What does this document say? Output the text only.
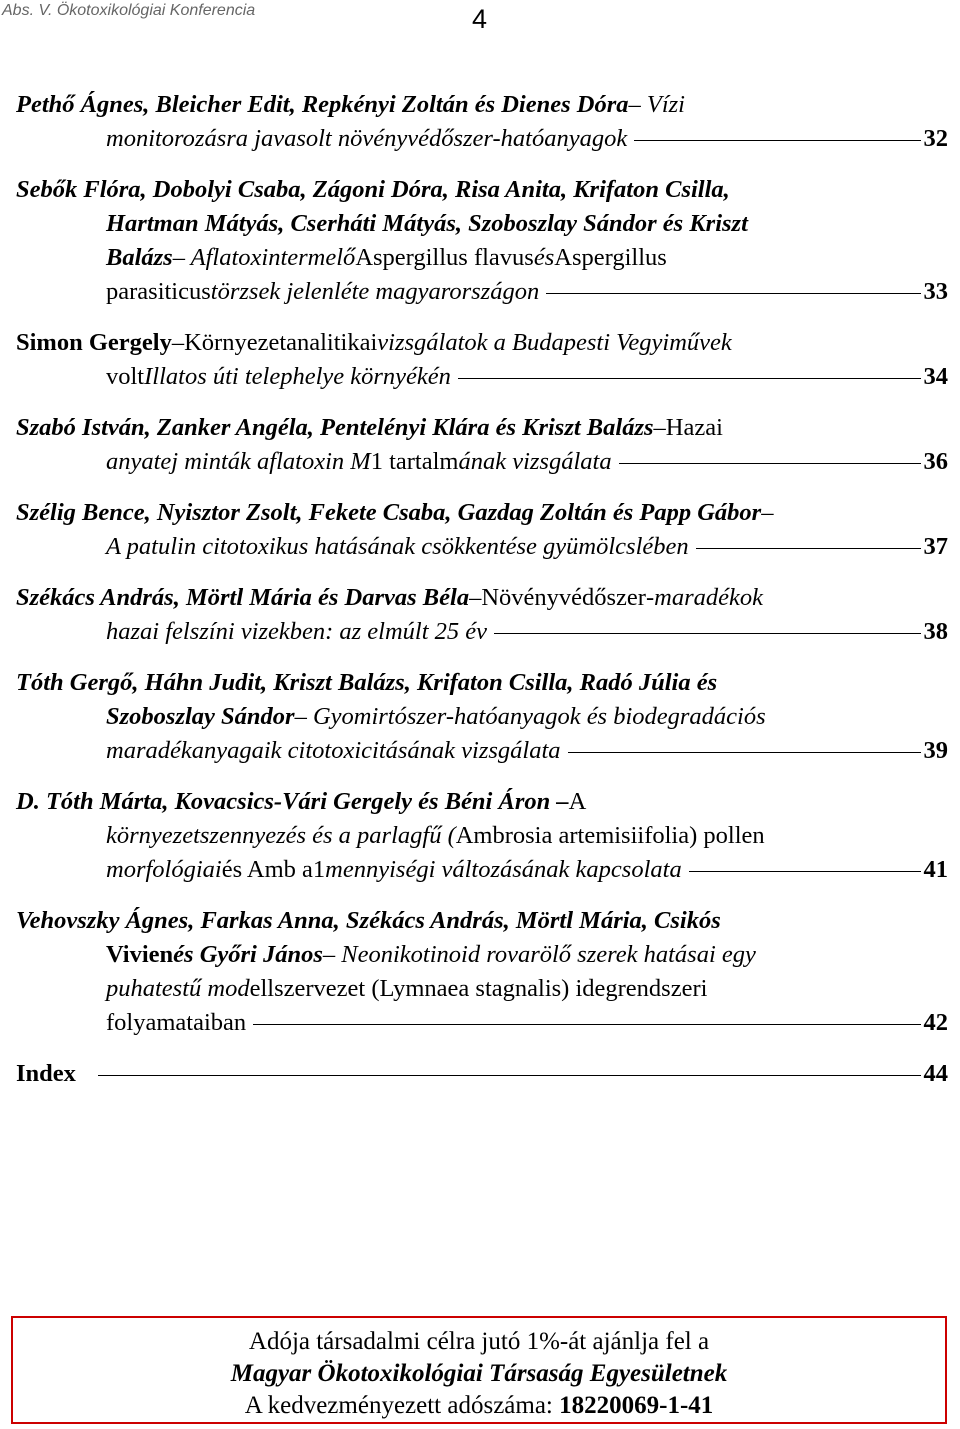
Abs. V. Ökotoxikológiai Konferencia	4
Pethő Ágnes, Bleicher Edit, Repkényi Zoltán és Dienes Dóra – Vízi
monitorozásra javasolt növényvédőszer-hatóanyagok	32
Sebők Flóra, Dobolyi Csaba, Zágoni Dóra, Risa Anita, Krifaton Csilla,
Hartman Mátyás, Cserháti Mátyás, Szoboszlay Sándor és Kriszt
Balázs – Aflatoxintermelő Aspergillus flavus és Aspergillus
parasiticus törzsek jelenléte magyarországon	33
Simon Gergely – Környezetanalitikai vizsgálatok a Budapesti Vegyiművek
volt Illatos úti telephelye környékén	34
Szabó István, Zanker Angéla, Pentelényi Klára és Kriszt Balázs – Hazai
anyatej minták aflatoxin M 1 tartalm ának vizsgálata	36
Szélig Bence, Nyisztor Zsolt, Fekete Csaba, Gazdag Zoltán és Papp Gábor –
A patulin citotoxikus hatásának csökkentése gyümölcslében	37
Székács András, Mörtl Mária és Darvas Béla – Növényvédőszer -maradékok
hazai felszíni vizekben: az elmúlt 25 év	38
Tóth Gergő, Háhn Judit, Kriszt Balázs, Krifaton Csilla, Radó Júlia és
Szoboszlay Sándor – Gyomirtószer-hatóanyagok és biodegradációs
maradékanyagaik citotoxicitásának vizsgálata	39
D. Tóth Márta, Kovacsics-Vári Gergely és Béni Áron – A
környezetszennyezés és a parlagfű ( Ambrosia artemisiifolia ) pollen
morfológiai és Amb a1 mennyiségi változásának kapcsolata	41
Vehovszky Ágnes, Farkas Anna, Székács András, Mörtl Mária, Csikós
Vivien és Győri János – Neonikotinoid rovarölő szerek hatásai egy
puhatestű mod ellszervezet ( Lymnaea stagnalis ) idegrendszeri
folyamataiban	42
Index	44
Adója társadalmi célra jutó 1%-át ajánlja fel a
Magyar Ökotoxikológiai Társaság Egyesületnek
A kedvezményezett adószáma: 18220069-1-41
